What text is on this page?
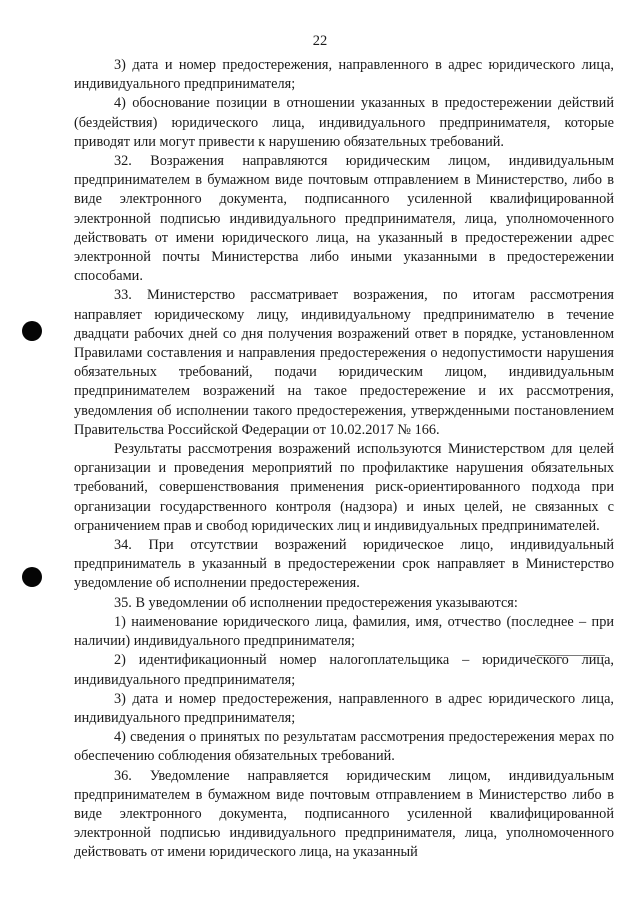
22

3) дата и номер предостережения, направленного в адрес юридического лица, индивидуального предпринимателя;

4) обоснование позиции в отношении указанных в предостережении действий (бездействия) юридического лица, индивидуального предпринимателя, которые приводят или могут привести к нарушению обязательных требований.

32. Возражения направляются юридическим лицом, индивидуальным предпринимателем в бумажном виде почтовым отправлением в Министерство, либо в виде электронного документа, подписанного усиленной квалифицированной электронной подписью индивидуального предпринимателя, лица, уполномоченного действовать от имени юридического лица, на указанный в предостережении адрес электронной почты Министерства либо иными указанными в предостережении способами.

33. Министерство рассматривает возражения, по итогам рассмотрения направляет юридическому лицу, индивидуальному предпринимателю в течение двадцати рабочих дней со дня получения возражений ответ в порядке, установленном Правилами составления и направления предостережения о недопустимости нарушения обязательных требований, подачи юридическим лицом, индивидуальным предпринимателем возражений на такое предостережение и их рассмотрения, уведомления об исполнении такого предостережения, утвержденными постановлением Правительства Российской Федерации от 10.02.2017 № 166.

Результаты рассмотрения возражений используются Министерством для целей организации и проведения мероприятий по профилактике нарушения обязательных требований, совершенствования применения риск-ориентированного подхода при организации государственного контроля (надзора) и иных целей, не связанных с ограничением прав и свобод юридических лиц и индивидуальных предпринимателей.

34. При отсутствии возражений юридическое лицо, индивидуальный предприниматель в указанный в предостережении срок направляет в Министерство уведомление об исполнении предостережения.

35. В уведомлении об исполнении предостережения указываются:

1) наименование юридического лица, фамилия, имя, отчество (последнее – при наличии) индивидуального предпринимателя;

2) идентификационный номер налогоплательщика – юридического лица, индивидуального предпринимателя;

3) дата и номер предостережения, направленного в адрес юридического лица, индивидуального предпринимателя;

4) сведения о принятых по результатам рассмотрения предостережения мерах по обеспечению соблюдения обязательных требований.

36. Уведомление направляется юридическим лицом, индивидуальным предпринимателем в бумажном виде почтовым отправлением в Министерство либо в виде электронного документа, подписанного усиленной квалифицированной электронной подписью индивидуального предпринимателя, лица, уполномоченного действовать от имени юридического лица, на указанный
